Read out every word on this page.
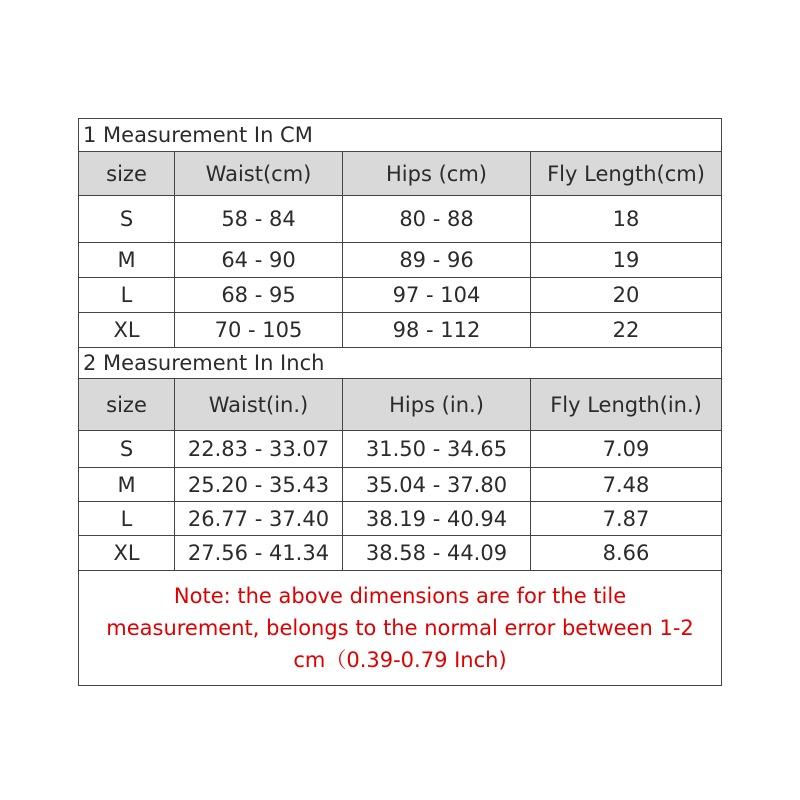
1 Measurement In CM			
size	Waist(cm)	Hips (cm)	Fly Length(cm)
S	58 - 84	80 - 88	18
M	64 - 90	89 - 96	19
L	68 - 95	97 - 104	20
XL	70 - 105	98 - 112	22
2 Measurement In Inch			
size	Waist(in.)	Hips (in.)	Fly Length(in.)
S	22.83 - 33.07	31.50 - 34.65	7.09
M	25.20 - 35.43	35.04 - 37.80	7.48
L	26.77 - 37.40	38.19 - 40.94	7.87
XL	27.56 - 41.34	38.58 - 44.09	8.66

Note: the above dimensions are for the tile
measurement, belongs to the normal error between 1-2
cm（0.39-0.79 Inch)			
